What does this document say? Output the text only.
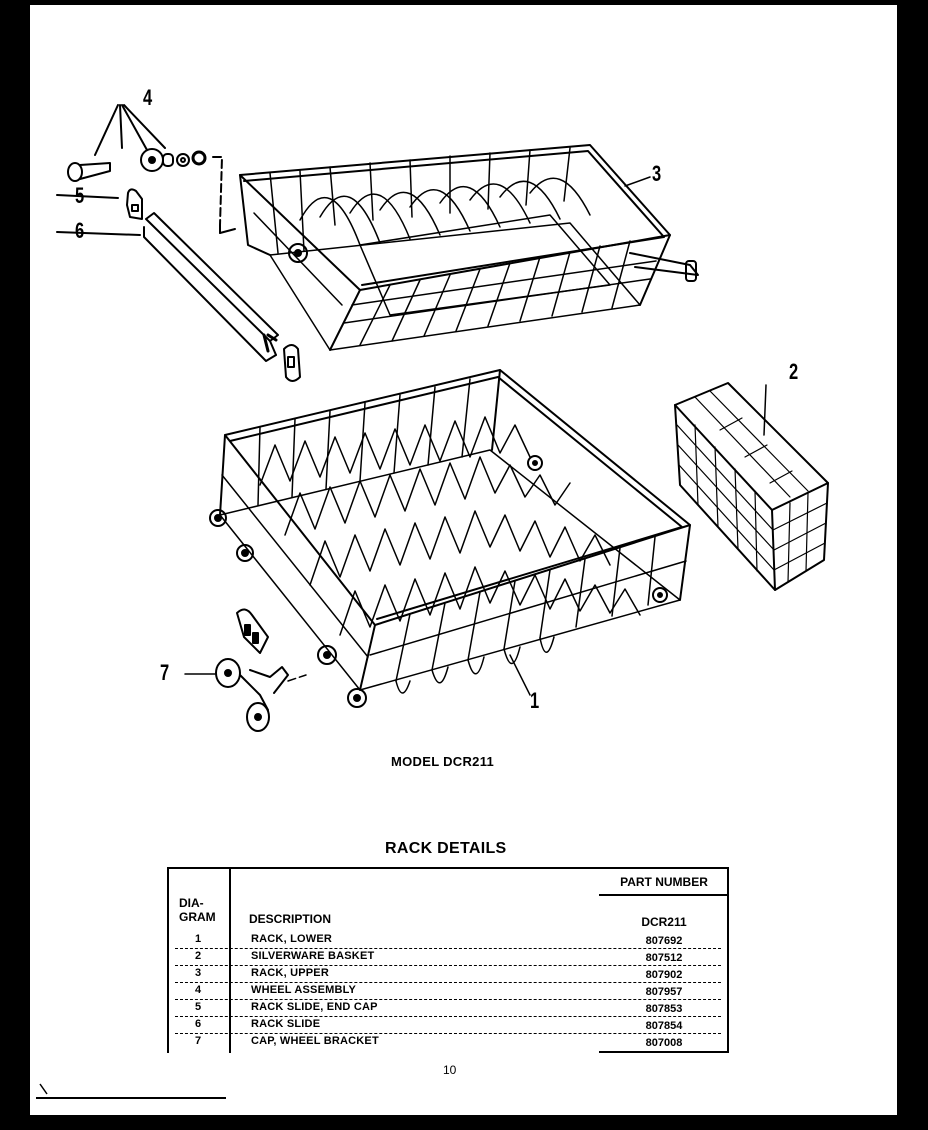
4
5
6
3
2
1
7
MODEL DCR211
RACK DETAILS
DIA-
GRAM	DESCRIPTION
PART NUMBER
DCR211
1	RACK, LOWER	807692
2	SILVERWARE BASKET	807512
3	RACK, UPPER	807902
4	WHEEL ASSEMBLY	807957
5	RACK SLIDE, END CAP	807853
6	RACK SLIDE	807854
7	CAP, WHEEL BRACKET	807008
10
